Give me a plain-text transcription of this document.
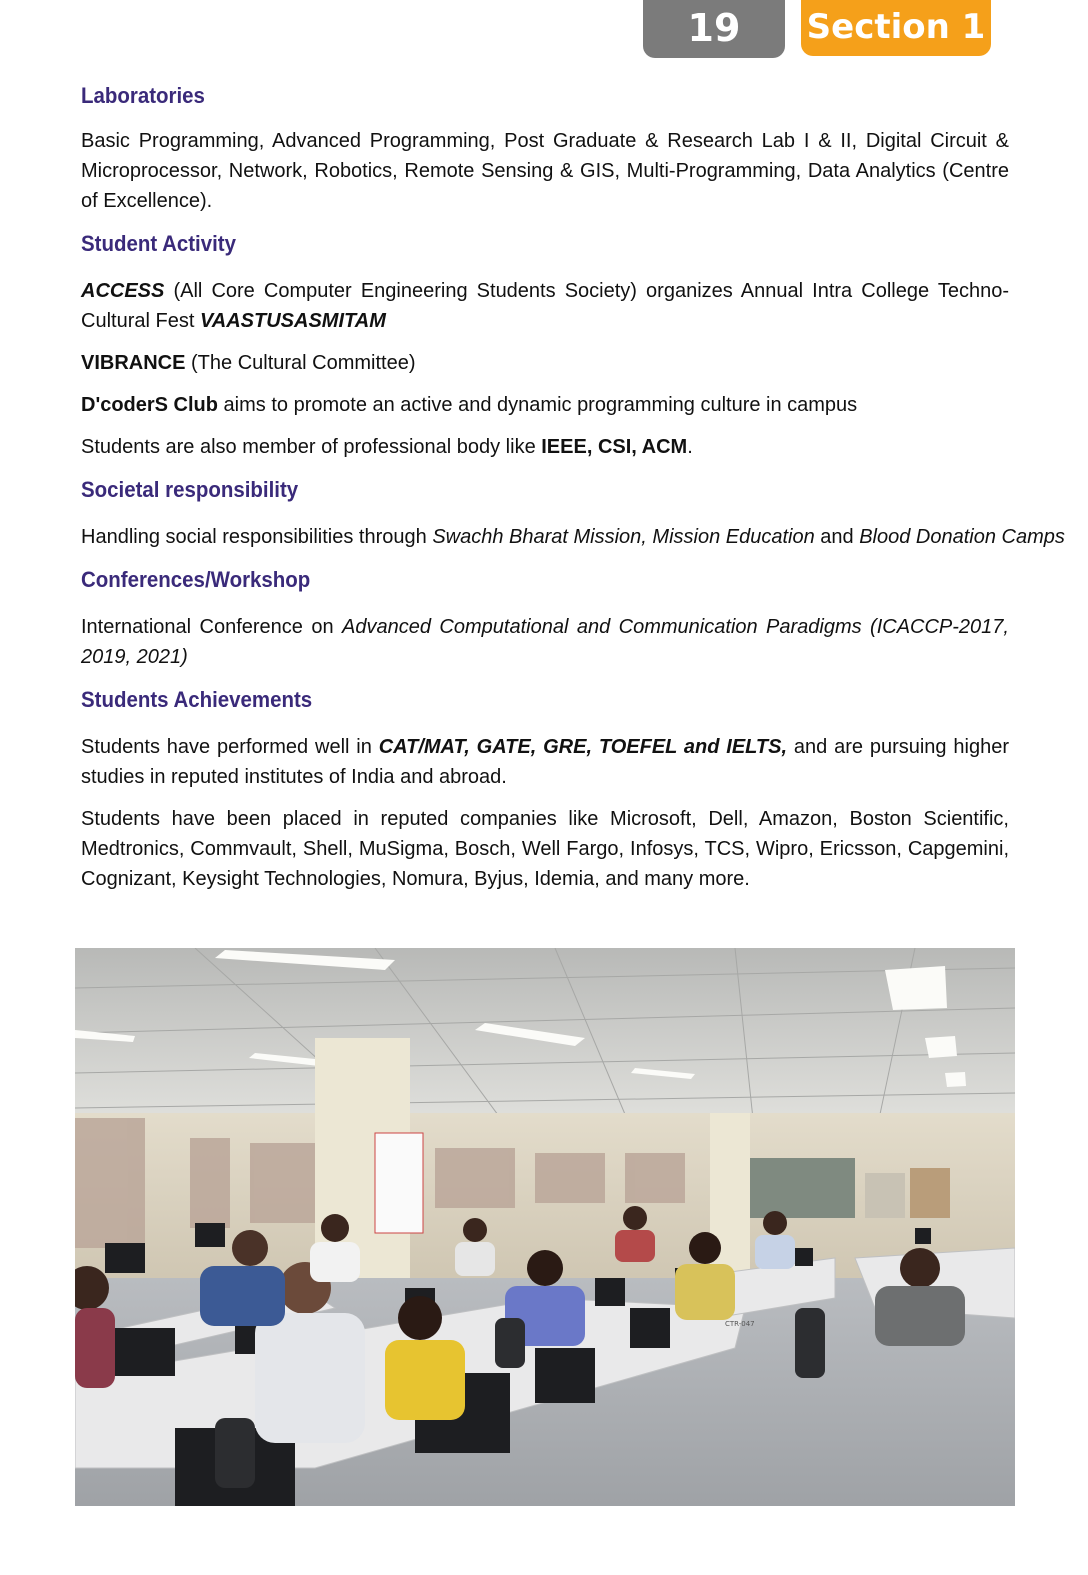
19 Section 1
Laboratories

Basic Programming, Advanced Programming, Post Graduate & Research Lab I & II, Digital Circuit & Microprocessor, Network, Robotics, Remote Sensing & GIS, Multi-Programming, Data Analytics (Centre of Excellence).

Student Activity

ACCESS (All Core Computer Engineering Students Society) organizes Annual Intra College Techno-Cultural Fest VAASTUSASMITAM

VIBRANCE (The Cultural Committee)

D'coderS Club aims to promote an active and dynamic programming culture in campus

Students are also member of professional body like IEEE, CSI, ACM.

Societal responsibility

Handling social responsibilities through Swachh Bharat Mission, Mission Education and Blood Donation Camps

Conferences/Workshop

International Conference on Advanced Computational and Communication Paradigms (ICACCP-2017, 2019, 2021)

Students Achievements

Students have performed well in CAT/MAT, GATE, GRE, TOEFEL and IELTS, and are pursuing higher studies in reputed institutes of India and abroad.

Students have been placed in reputed companies like Microsoft, Dell, Amazon, Boston Scientific, Medtronics, Commvault, Shell, MuSigma, Bosch, Well Fargo, Infosys, TCS, Wipro, Ericsson, Capgemini, Cognizant, Keysight Technologies, Nomura, Byjus, Idemia, and many more.

CTR-047
